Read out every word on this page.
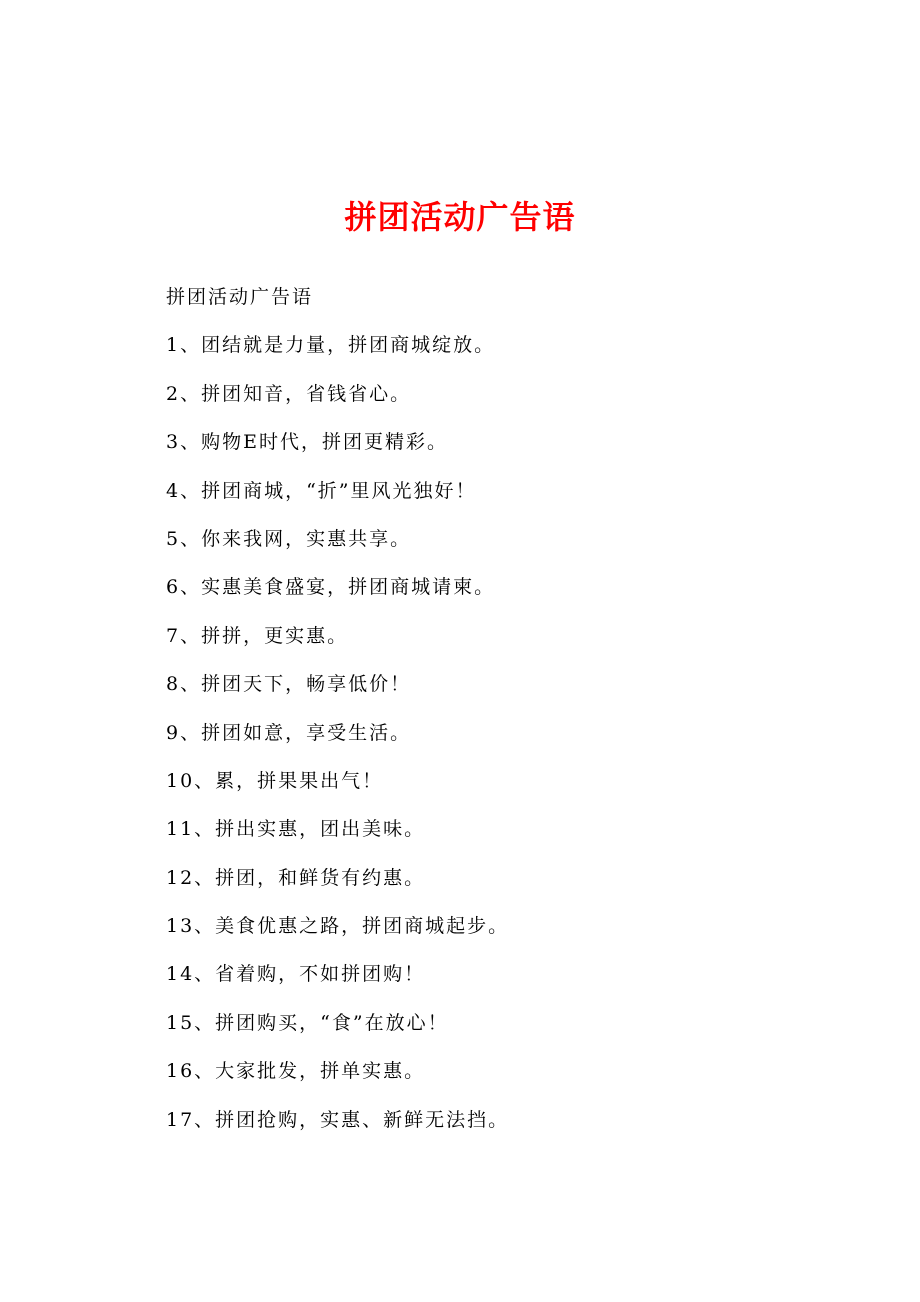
拼团活动广告语
拼团活动广告语
1、团结就是力量，拼团商城绽放。
2、拼团知音，省钱省心。
3、购物E时代，拼团更精彩。
4、拼团商城，“折”里风光独好！
5、你来我网，实惠共享。
6、实惠美食盛宴，拼团商城请柬。
7、拼拼，更实惠。
8、拼团天下，畅享低价！
9、拼团如意，享受生活。
10、累，拼果果出气！
11、拼出实惠，团出美味。
12、拼团，和鲜货有约惠。
13、美食优惠之路，拼团商城起步。
14、省着购，不如拼团购！
15、拼团购买，“食”在放心！
16、大家批发，拼单实惠。
17、拼团抢购，实惠、新鲜无法挡。
